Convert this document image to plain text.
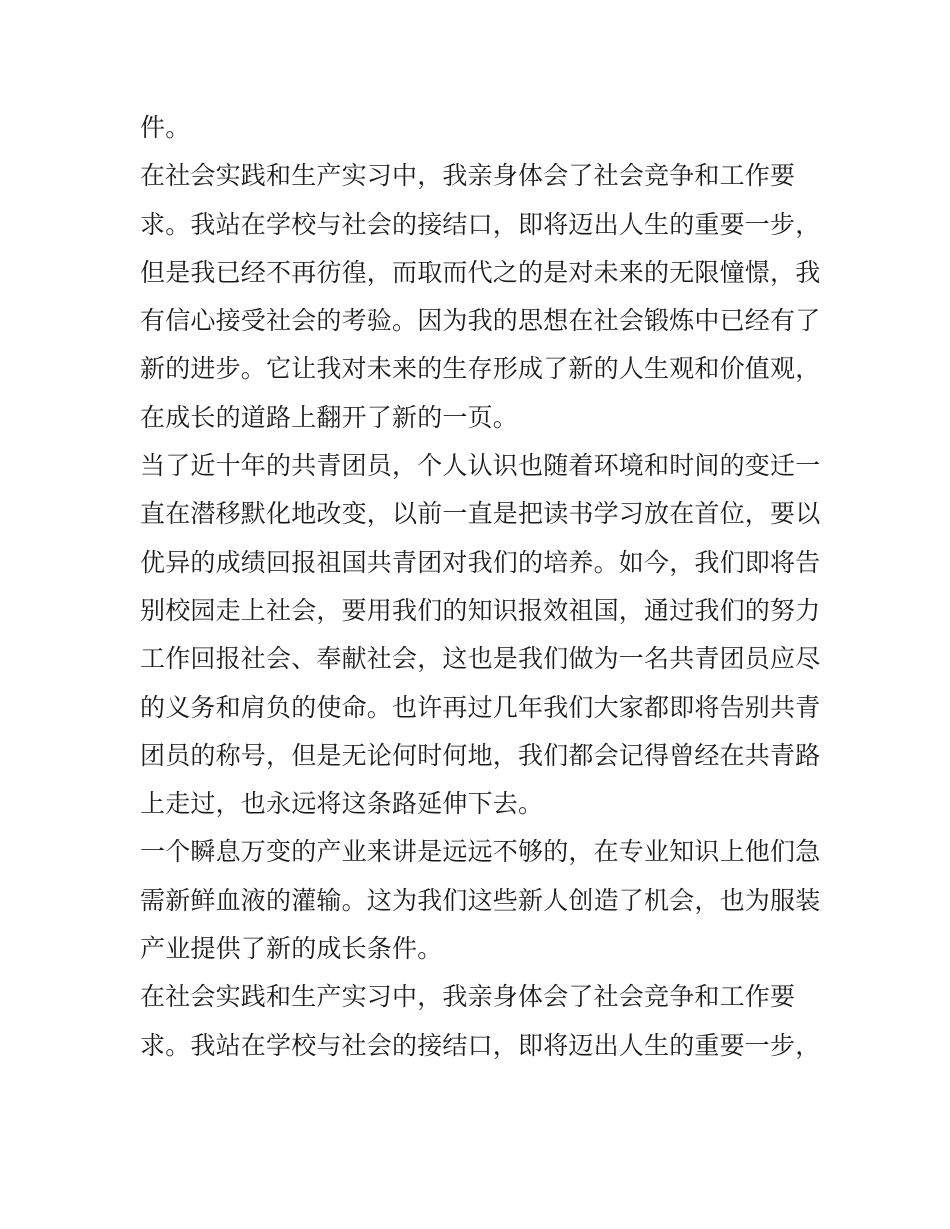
件。
在社会实践和生产实习中，我亲身体会了社会竞争和工作要
求。我站在学校与社会的接结口，即将迈出人生的重要一步，
但是我已经不再彷徨，而取而代之的是对未来的无限憧憬，我
有信心接受社会的考验。因为我的思想在社会锻炼中已经有了
新的进步。它让我对未来的生存形成了新的人生观和价值观，
在成长的道路上翻开了新的一页。
当了近十年的共青团员，个人认识也随着环境和时间的变迁一
直在潜移默化地改变，以前一直是把读书学习放在首位，要以
优异的成绩回报祖国共青团对我们的培养。如今，我们即将告
别校园走上社会，要用我们的知识报效祖国，通过我们的努力
工作回报社会、奉献社会，这也是我们做为一名共青团员应尽
的义务和肩负的使命。也许再过几年我们大家都即将告别共青
团员的称号，但是无论何时何地，我们都会记得曾经在共青路
上走过，也永远将这条路延伸下去。
一个瞬息万变的产业来讲是远远不够的，在专业知识上他们急
需新鲜血液的灌输。这为我们这些新人创造了机会，也为服装
产业提供了新的成长条件。
在社会实践和生产实习中，我亲身体会了社会竞争和工作要
求。我站在学校与社会的接结口，即将迈出人生的重要一步，
